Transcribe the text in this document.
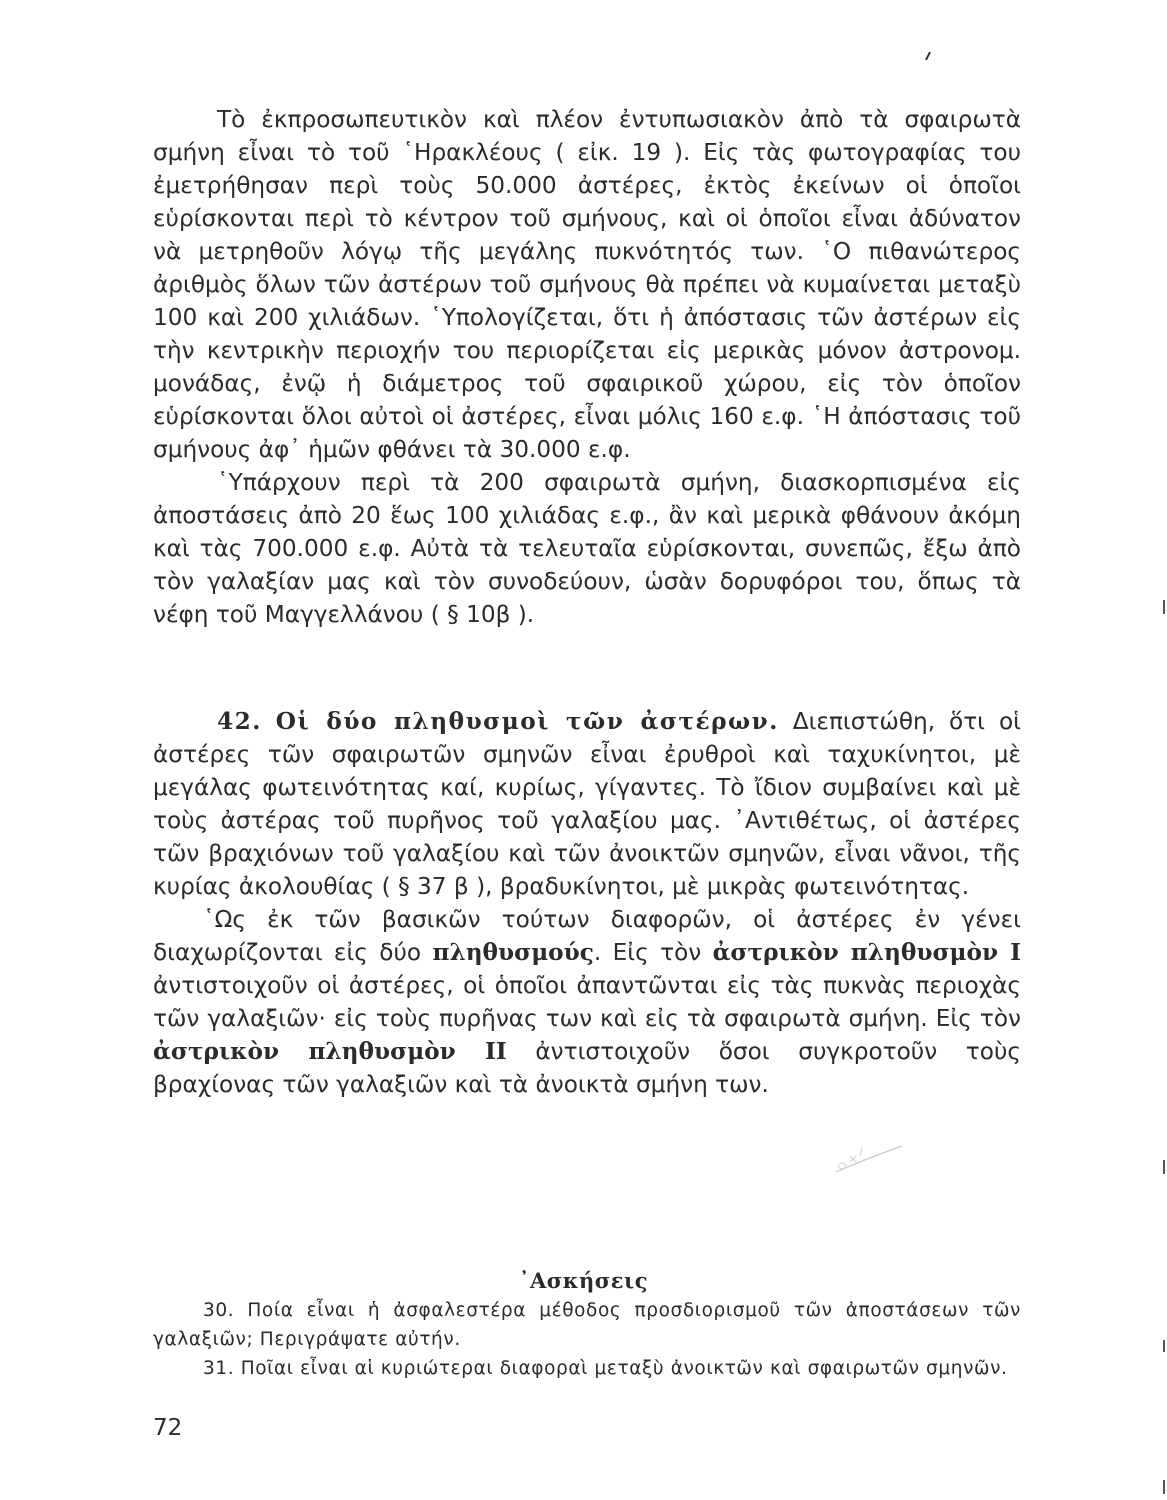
Τὸ ἐκπροσωπευτικὸν καὶ πλέον ἐντυπωσιακὸν ἀπὸ τὰ σφαιρωτὰ σμήνη εἶναι τὸ τοῦ ῾Ηρακλέους ( εἰκ. 19 ). Εἰς τὰς φωτογραφίας του ἐμετρήθησαν περὶ τοὺς 50.000 ἀστέρες, ἐκτὸς ἐκείνων οἱ ὁποῖοι εὑρίσκονται περὶ τὸ κέντρον τοῦ σμήνους, καὶ οἱ ὁποῖοι εἶναι ἀδύνατον νὰ μετρηθοῦν λόγῳ τῆς μεγάλης πυκνότητός των. ῾Ο πιθανώτερος ἀριθμὸς ὅλων τῶν ἀστέρων τοῦ σμήνους θὰ πρέπει νὰ κυμαίνεται μεταξὺ 100 καὶ 200 χιλιάδων. ῾Υπολογίζεται, ὅτι ἡ ἀπόστασις τῶν ἀστέρων εἰς τὴν κεντρικὴν περιοχήν του περιορίζεται εἰς μερικὰς μόνον ἀστρονομ. μονάδας, ἐνῷ ἡ διάμετρος τοῦ σφαιρικοῦ χώρου, εἰς τὸν ὁποῖον εὑρίσκονται ὅλοι αὐτοὶ οἱ ἀστέρες, εἶναι μόλις 160 ε.φ. ῾Η ἀπόστασις τοῦ σμήνους ἀφ᾽ ἡμῶν φθάνει τὰ 30.000 ε.φ.

῾Υπάρχουν περὶ τὰ 200 σφαιρωτὰ σμήνη, διασκορπισμένα εἰς ἀποστάσεις ἀπὸ 20 ἕως 100 χιλιάδας ε.φ., ἂν καὶ μερικὰ φθάνουν ἀκόμη καὶ τὰς 700.000 ε.φ. Αὐτὰ τὰ τελευταῖα εὑρίσκονται, συνεπῶς, ἔξω ἀπὸ τὸν γαλαξίαν μας καὶ τὸν συνοδεύουν, ὡσὰν δορυφόροι του, ὅπως τὰ νέφη τοῦ Μαγγελλάνου ( § 10β ).

42. Οἱ δύο πληθυσμοὶ τῶν ἀστέρων. Διεπιστώθη, ὅτι οἱ ἀστέρες τῶν σφαιρωτῶν σμηνῶν εἶναι ἐρυθροὶ καὶ ταχυκίνητοι, μὲ μεγάλας φωτεινότητας καί, κυρίως, γίγαντες. Τὸ ἴδιον συμβαίνει καὶ μὲ τοὺς ἀστέρας τοῦ πυρῆνος τοῦ γαλαξίου μας. ᾽Αντιθέτως, οἱ ἀστέρες τῶν βραχιόνων τοῦ γαλαξίου καὶ τῶν ἀνοικτῶν σμηνῶν, εἶναι νᾶνοι, τῆς κυρίας ἀκολουθίας ( § 37 β ), βραδυκίνητοι, μὲ μικρὰς φωτεινότητας.

῾Ως ἐκ τῶν βασικῶν τούτων διαφορῶν, οἱ ἀστέρες ἐν γένει διαχωρίζονται εἰς δύο πληθυσμούς. Εἰς τὸν ἀστρικὸν πληθυσμὸν I ἀντιστοιχοῦν οἱ ἀστέρες, οἱ ὁποῖοι ἀπαντῶνται εἰς τὰς πυκνὰς περιοχὰς τῶν γαλαξιῶν· εἰς τοὺς πυρῆνας των καὶ εἰς τὰ σφαιρωτὰ σμήνη. Εἰς τὸν ἀστρικὸν πληθυσμὸν II ἀντιστοιχοῦν ὅσοι συγκροτοῦν τοὺς βραχίονας τῶν γαλαξιῶν καὶ τὰ ἀνοικτὰ σμήνη των.

᾽Ασκήσεις

30. Ποία εἶναι ἡ ἀσφαλεστέρα μέθοδος προσδιορισμοῦ τῶν ἀποστάσεων τῶν γαλαξιῶν; Περιγράψατε αὐτήν.

31. Ποῖαι εἶναι αἱ κυριώτεραι διαφοραὶ μεταξὺ ἀνοικτῶν καὶ σφαιρωτῶν σμηνῶν.

72
